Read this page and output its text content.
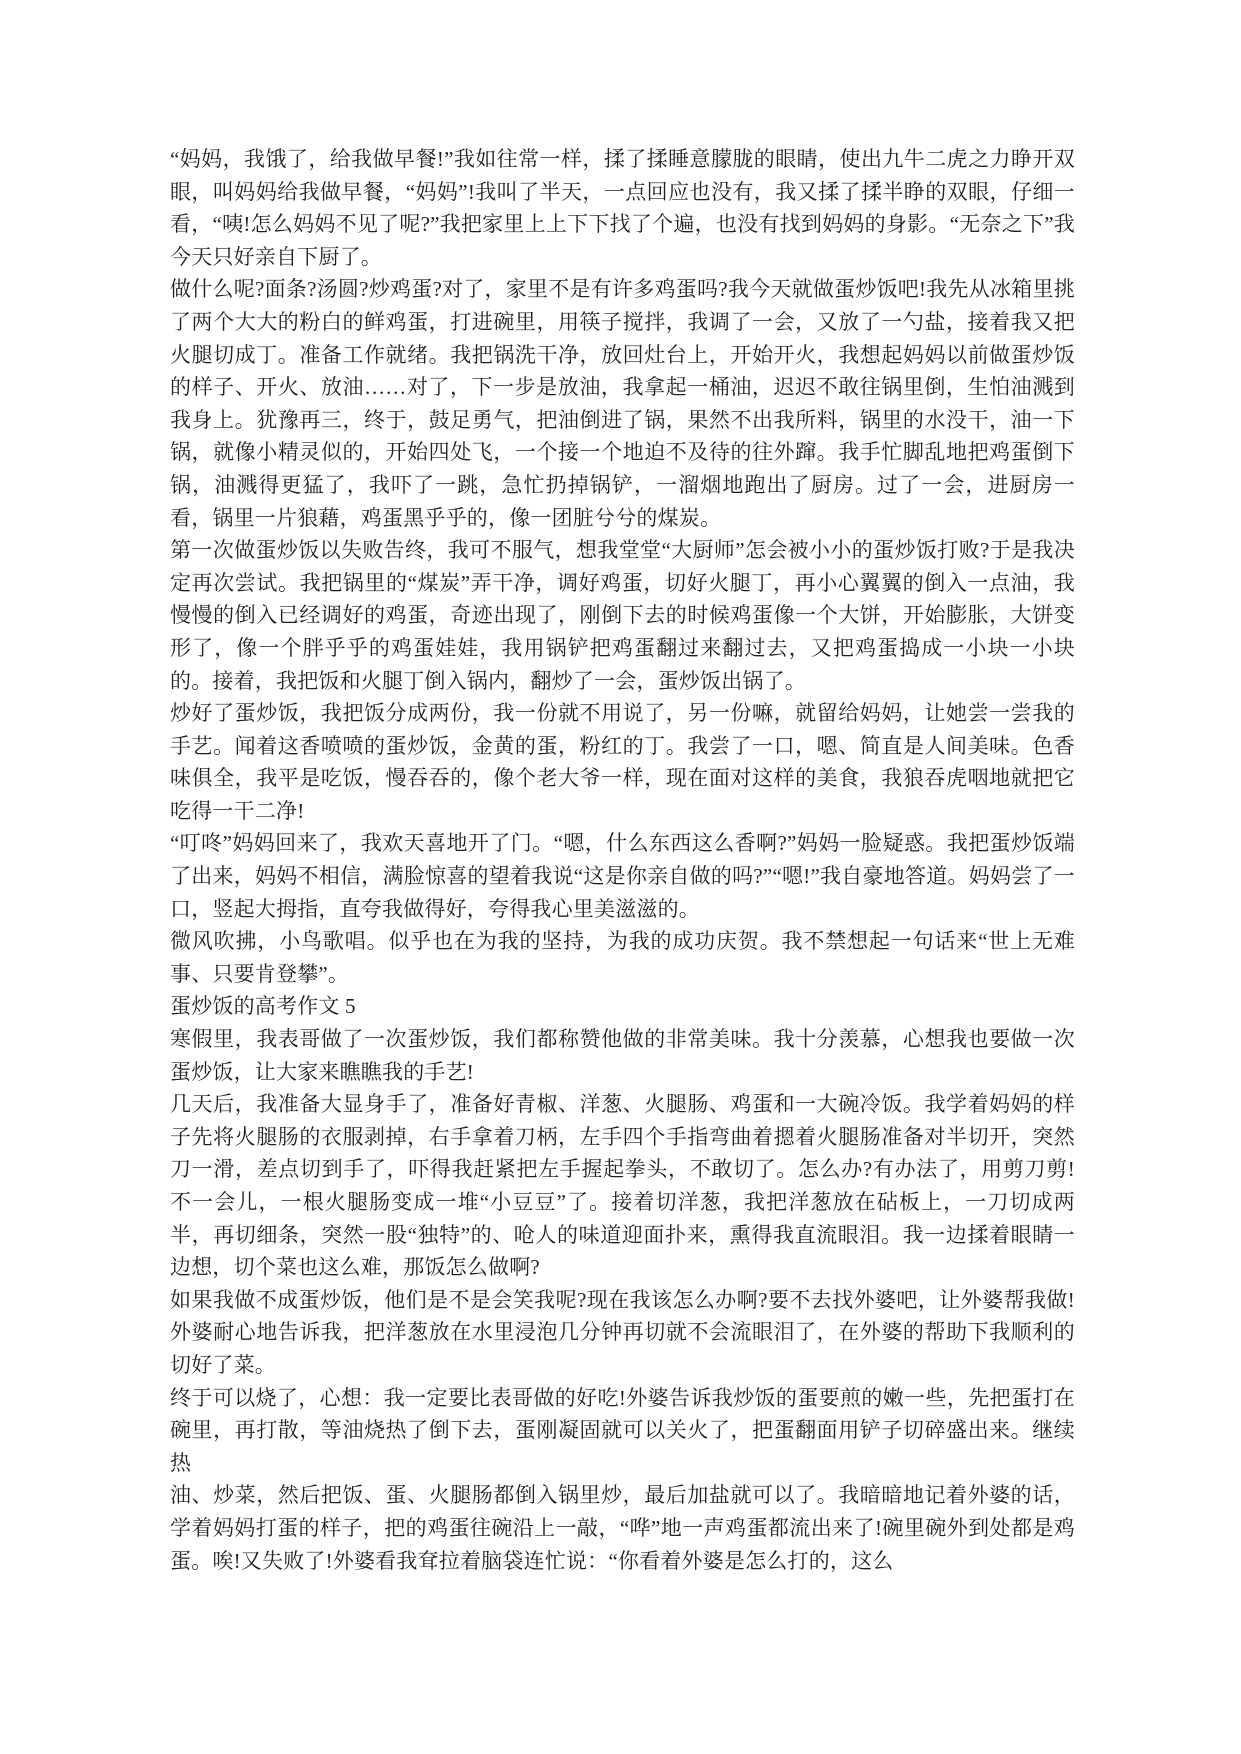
“妈妈，我饿了，给我做早餐!”我如往常一样，揉了揉睡意朦胧的眼睛，使出九牛二虎之力睁开双眼，叫妈妈给我做早餐，“妈妈”!我叫了半天，一点回应也没有，我又揉了揉半睁的双眼，仔细一看，“咦!怎么妈妈不见了呢?”我把家里上上下下找了个遍，也没有找到妈妈的身影。“无奈之下”我今天只好亲自下厨了。

做什么呢?面条?汤圆?炒鸡蛋?对了，家里不是有许多鸡蛋吗?我今天就做蛋炒饭吧!我先从冰箱里挑了两个大大的粉白的鲜鸡蛋，打进碗里，用筷子搅拌，我调了一会，又放了一勺盐，接着我又把火腿切成丁。准备工作就绪。我把锅洗干净，放回灶台上，开始开火，我想起妈妈以前做蛋炒饭的样子、开火、放油……对了，下一步是放油，我拿起一桶油，迟迟不敢往锅里倒，生怕油溅到我身上。犹豫再三，终于，鼓足勇气，把油倒进了锅，果然不出我所料，锅里的水没干，油一下锅，就像小精灵似的，开始四处飞，一个接一个地迫不及待的往外蹿。我手忙脚乱地把鸡蛋倒下锅，油溅得更猛了，我吓了一跳，急忙扔掉锅铲，一溜烟地跑出了厨房。过了一会，进厨房一看，锅里一片狼藉，鸡蛋黑乎乎的，像一团脏兮兮的煤炭。

第一次做蛋炒饭以失败告终，我可不服气，想我堂堂“大厨师”怎会被小小的蛋炒饭打败?于是我决定再次尝试。我把锅里的“煤炭”弄干净，调好鸡蛋，切好火腿丁，再小心翼翼的倒入一点油，我慢慢的倒入已经调好的鸡蛋，奇迹出现了，刚倒下去的时候鸡蛋像一个大饼，开始膨胀，大饼变形了，像一个胖乎乎的鸡蛋娃娃，我用锅铲把鸡蛋翻过来翻过去，又把鸡蛋捣成一小块一小块的。接着，我把饭和火腿丁倒入锅内，翻炒了一会，蛋炒饭出锅了。

炒好了蛋炒饭，我把饭分成两份，我一份就不用说了，另一份嘛，就留给妈妈，让她尝一尝我的手艺。闻着这香喷喷的蛋炒饭，金黄的蛋，粉红的丁。我尝了一口，嗯、简直是人间美味。色香味俱全，我平是吃饭，慢吞吞的，像个老大爷一样，现在面对这样的美食，我狼吞虎咽地就把它吃得一干二净!

“叮咚”妈妈回来了，我欢天喜地开了门。“嗯，什么东西这么香啊?”妈妈一脸疑惑。我把蛋炒饭端了出来，妈妈不相信，满脸惊喜的望着我说“这是你亲自做的吗?”“嗯!”我自豪地答道。妈妈尝了一口，竖起大拇指，直夸我做得好，夸得我心里美滋滋的。

微风吹拂，小鸟歌唱。似乎也在为我的坚持，为我的成功庆贺。我不禁想起一句话来“世上无难事、只要肯登攀”。

蛋炒饭的高考作文 5

寒假里，我表哥做了一次蛋炒饭，我们都称赞他做的非常美味。我十分羡慕，心想我也要做一次蛋炒饭，让大家来瞧瞧我的手艺!

几天后，我准备大显身手了，准备好青椒、洋葱、火腿肠、鸡蛋和一大碗冷饭。我学着妈妈的样子先将火腿肠的衣服剥掉，右手拿着刀柄，左手四个手指弯曲着摁着火腿肠准备对半切开，突然刀一滑，差点切到手了，吓得我赶紧把左手握起拳头，不敢切了。怎么办?有办法了，用剪刀剪!不一会儿，一根火腿肠变成一堆“小豆豆”了。接着切洋葱，我把洋葱放在砧板上，一刀切成两半，再切细条，突然一股“独特”的、呛人的味道迎面扑来，熏得我直流眼泪。我一边揉着眼睛一边想，切个菜也这么难，那饭怎么做啊?

如果我做不成蛋炒饭，他们是不是会笑我呢?现在我该怎么办啊?要不去找外婆吧，让外婆帮我做!外婆耐心地告诉我，把洋葱放在水里浸泡几分钟再切就不会流眼泪了，在外婆的帮助下我顺利的切好了菜。

终于可以烧了，心想：我一定要比表哥做的好吃!外婆告诉我炒饭的蛋要煎的嫩一些，先把蛋打在碗里，再打散，等油烧热了倒下去，蛋刚凝固就可以关火了，把蛋翻面用铲子切碎盛出来。继续热

油、炒菜，然后把饭、蛋、火腿肠都倒入锅里炒，最后加盐就可以了。我暗暗地记着外婆的话，学着妈妈打蛋的样子，把的鸡蛋往碗沿上一敲，“哗”地一声鸡蛋都流出来了!碗里碗外到处都是鸡蛋。唉!又失败了!外婆看我耷拉着脑袋连忙说：“你看着外婆是怎么打的，这么
